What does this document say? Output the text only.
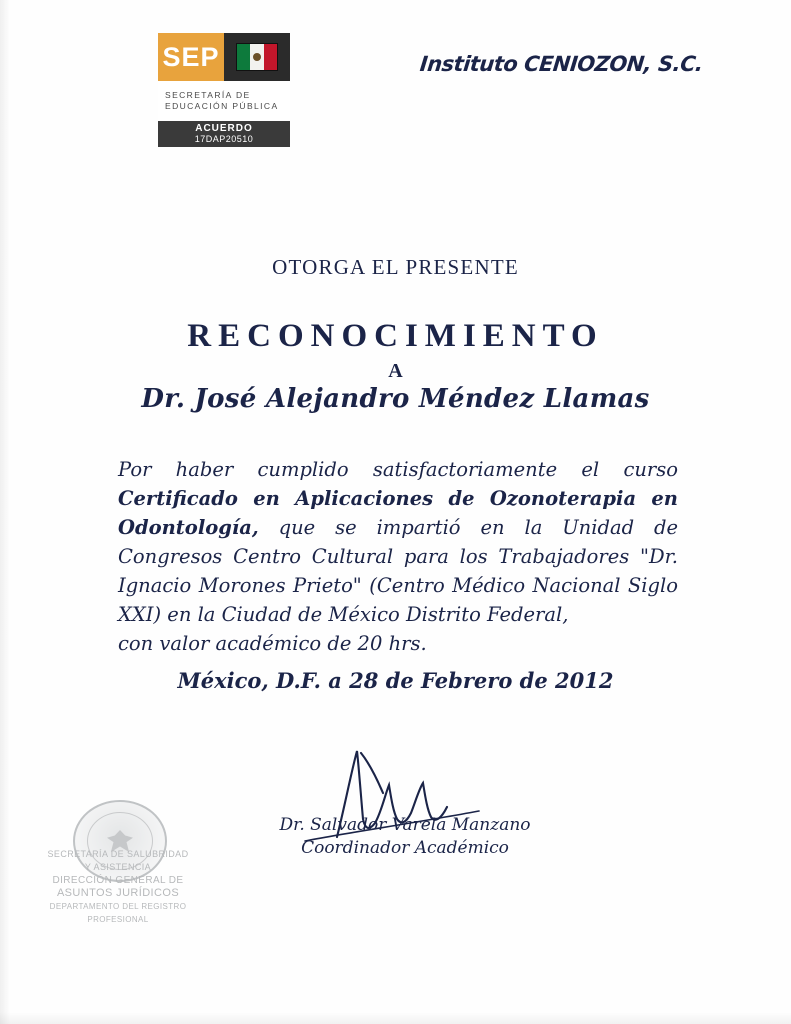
SEP
SECRETARÍA DE
EDUCACIÓN PÚBLICA
ACUERDO
17DAP20510
Instituto CENIOZON, S.C.
OTORGA EL PRESENTE
RECONOCIMIENTO
A
Dr. José Alejandro Méndez Llamas
Por haber cumplido satisfactoriamente el curso Certificado en Aplicaciones de Ozonoterapia en Odontología, que se impartió en la Unidad de Congresos Centro Cultural para los Trabajadores "Dr. Ignacio Morones Prieto" (Centro Médico Nacional Siglo XXI) en la Ciudad de México Distrito Federal,
con valor académico de 20 hrs.
México, D.F. a 28 de Febrero de 2012
Dr. Salvador Varela Manzano
Coordinador Académico
SECRETARÍA DE SALUBRIDAD
Y ASISTENCIA
DIRECCIÓN GENERAL DE
ASUNTOS JURÍDICOS
DEPARTAMENTO DEL REGISTRO PROFESIONAL
